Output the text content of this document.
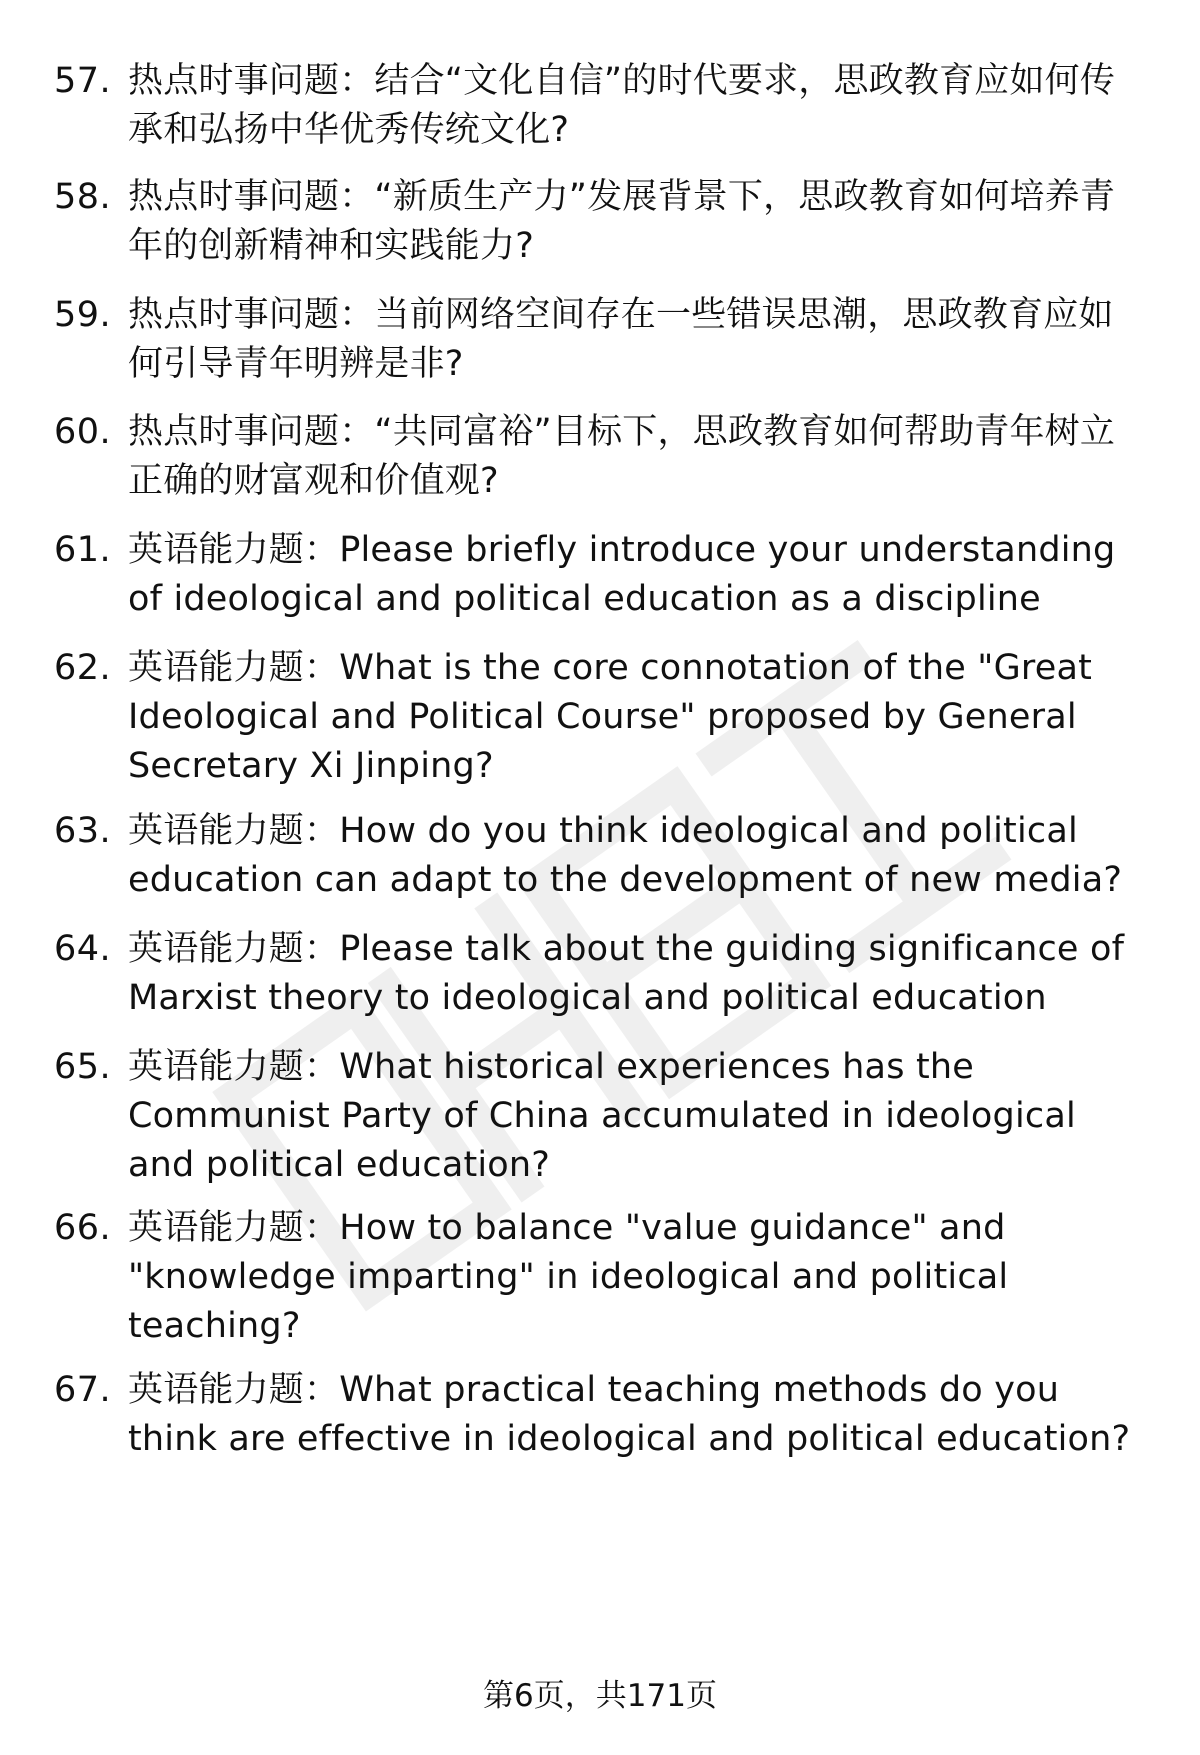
57. 热点时事问题：结合“文化自信”的时代要求，思政教育应如何传承和弘扬中华优秀传统文化?
58. 热点时事问题：“新质生产力”发展背景下，思政教育如何培养青年的创新精神和实践能力?
59. 热点时事问题：当前网络空间存在一些错误思潮，思政教育应如何引导青年明辨是非?
60. 热点时事问题：“共同富裕”目标下，思政教育如何帮助青年树立正确的财富观和价值观?
61. 英语能力题：Please briefly introduce your understanding of ideological and political education as a discipline
62. 英语能力题：What is the core connotation of the "Great Ideological and Political Course" proposed by General Secretary Xi Jinping?
63. 英语能力题：How do you think ideological and political education can adapt to the development of new media?
64. 英语能力题：Please talk about the guiding significance of Marxist theory to ideological and political education
65. 英语能力题：What historical experiences has the Communist Party of China accumulated in ideological and political education?
66. 英语能力题：How to balance "value guidance" and "knowledge imparting" in ideological and political teaching?
67. 英语能力题：What practical teaching methods do you think are effective in ideological and political education?
第6页，共171页
